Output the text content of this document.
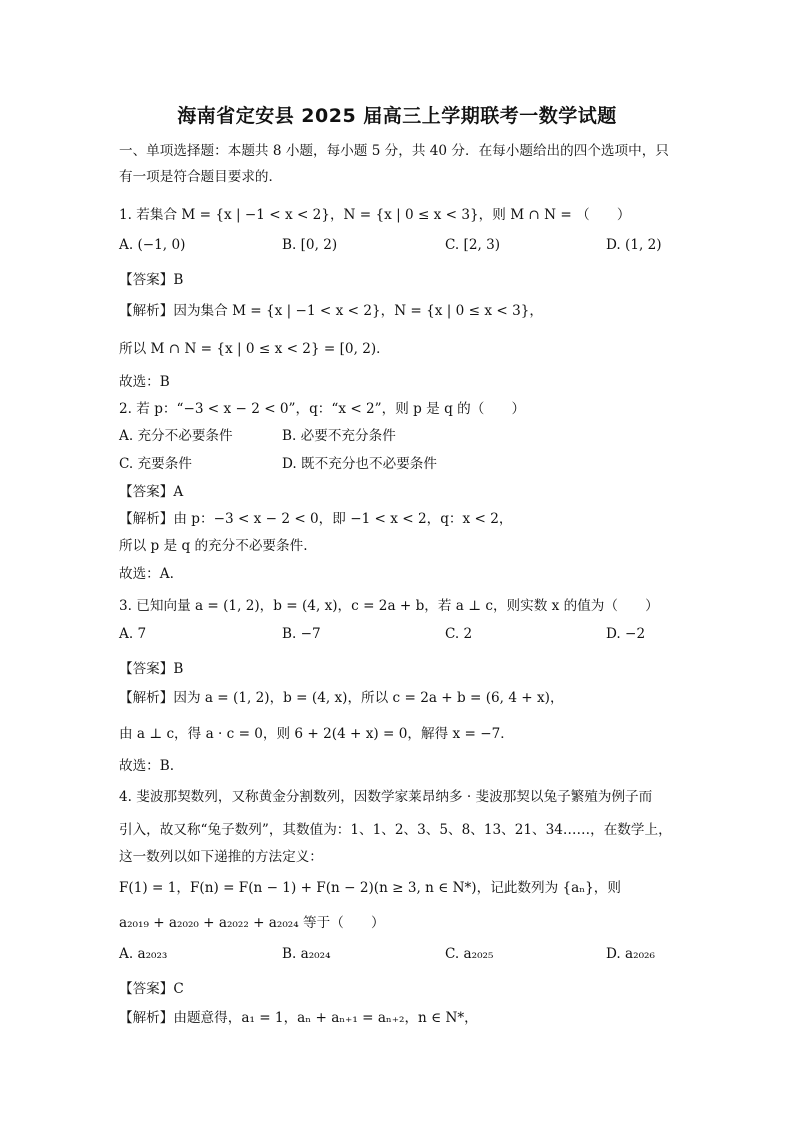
海南省定安县 2025 届高三上学期联考一数学试题
一、单项选择题：本题共 8 小题，每小题 5 分，共 40 分．在每小题给出的四个选项中，只
有一项是符合题目要求的．
1. 若集合 M = {x | −1 < x < 2}，N = {x | 0 ≤ x < 3}，则 M ∩ N = （　　）
A. (−1, 0)	B. [0, 2)	C. [2, 3)	D. (1, 2)
【答案】B
【解析】因为集合 M = {x | −1 < x < 2}，N = {x | 0 ≤ x < 3}，
所以 M ∩ N = {x | 0 ≤ x < 2} = [0, 2)．
故选：B
2. 若 p：“−3 < x − 2 < 0”，q：“x < 2”，则 p 是 q 的（　　）
A. 充分不必要条件	B. 必要不充分条件
C. 充要条件	D. 既不充分也不必要条件
【答案】A
【解析】由 p：−3 < x − 2 < 0，即 −1 < x < 2，q：x < 2，
所以 p 是 q 的充分不必要条件.
故选：A.
3. 已知向量 a = (1, 2)，b = (4, x)，c = 2a + b，若 a ⊥ c，则实数 x 的值为（　　）
A. 7	B. −7	C. 2	D. −2
【答案】B
【解析】因为 a = (1, 2)，b = (4, x)，所以 c = 2a + b = (6, 4 + x)，
由 a ⊥ c，得 a · c = 0，则 6 + 2(4 + x) = 0，解得 x = −7．
故选：B.
4. 斐波那契数列，又称黄金分割数列，因数学家莱昂纳多 · 斐波那契以兔子繁殖为例子而
引入，故又称“兔子数列”，其数值为：1、1、2、3、5、8、13、21、34……，在数学上，
这一数列以如下递推的方法定义：
F(1) = 1，F(n) = F(n − 1) + F(n − 2)(n ≥ 3, n ∈ N*)，记此数列为 {aₙ}，则
a₂₀₁₉ + a₂₀₂₀ + a₂₀₂₂ + a₂₀₂₄ 等于（　　）
A. a₂₀₂₃	B. a₂₀₂₄	C. a₂₀₂₅	D. a₂₀₂₆
【答案】C
【解析】由题意得，a₁ = 1，aₙ + aₙ₊₁ = aₙ₊₂，n ∈ N*，
